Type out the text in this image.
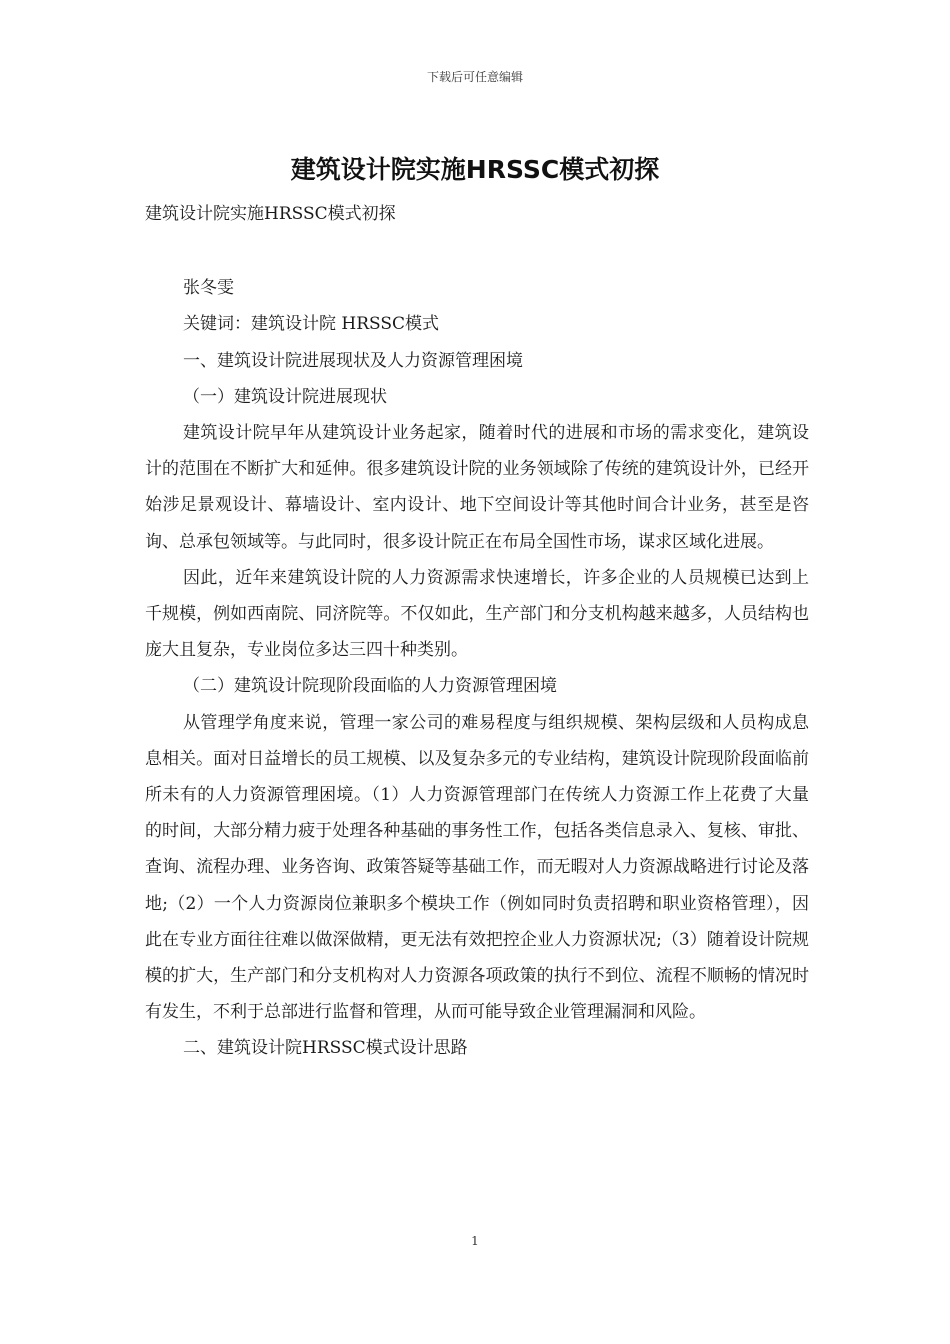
下载后可任意编辑
建筑设计院实施HRSSC模式初探

建筑设计院实施HRSSC模式初探

张冬雯

关键词：建筑设计院 HRSSC模式

一、建筑设计院进展现状及人力资源管理困境

（一）建筑设计院进展现状

建筑设计院早年从建筑设计业务起家，随着时代的进展和市场的需求变化，建筑设计的范围在不断扩大和延伸。很多建筑设计院的业务领域除了传统的建筑设计外，已经开始涉足景观设计、幕墙设计、室内设计、地下空间设计等其他时间合计业务，甚至是咨询、总承包领域等。与此同时，很多设计院正在布局全国性市场，谋求区域化进展。

因此，近年来建筑设计院的人力资源需求快速增长，许多企业的人员规模已达到上千规模，例如西南院、同济院等。不仅如此，生产部门和分支机构越来越多，人员结构也庞大且复杂，专业岗位多达三四十种类别。

（二）建筑设计院现阶段面临的人力资源管理困境

从管理学角度来说，管理一家公司的难易程度与组织规模、架构层级和人员构成息息相关。面对日益增长的员工规模、以及复杂多元的专业结构，建筑设计院现阶段面临前所未有的人力资源管理困境。（1）人力资源管理部门在传统人力资源工作上花费了大量的时间，大部分精力疲于处理各种基础的事务性工作，包括各类信息录入、复核、审批、查询、流程办理、业务咨询、政策答疑等基础工作，而无暇对人力资源战略进行讨论及落地;（2）一个人力资源岗位兼职多个模块工作（例如同时负责招聘和职业资格管理），因此在专业方面往往难以做深做精，更无法有效把控企业人力资源状况;（3）随着设计院规模的扩大，生产部门和分支机构对人力资源各项政策的执行不到位、流程不顺畅的情况时有发生，不利于总部进行监督和管理，从而可能导致企业管理漏洞和风险。

二、建筑设计院HRSSC模式设计思路

1
